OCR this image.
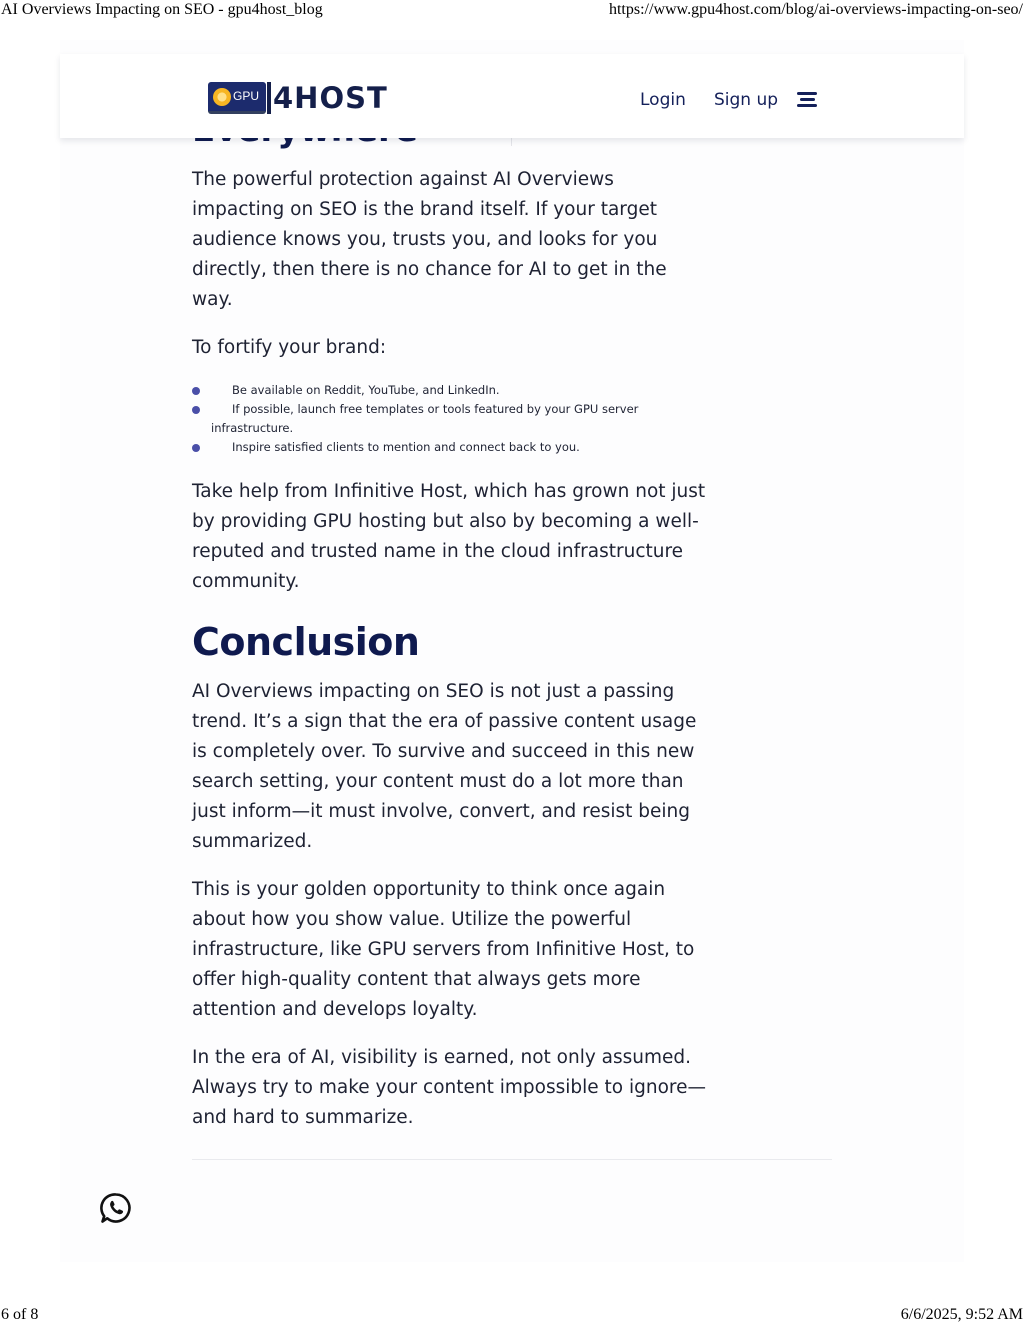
AI Overviews Impacting on SEO - gpu4host_blog	https://www.gpu4host.com/blog/ai-overviews-impacting-on-seo/
GPU 4HOST	Login Sign up

The powerful protection against AI Overviews impacting on SEO is the brand itself. If your target audience knows you, trusts you, and looks for you directly, then there is no chance for AI to get in the way.

To fortify your brand:

Be available on Reddit, YouTube, and LinkedIn.
If possible, launch free templates or tools featured by your GPU server infrastructure.
Inspire satisfied clients to mention and connect back to you.

Take help from Infinitive Host, which has grown not just by providing GPU hosting but also by becoming a well-reputed and trusted name in the cloud infrastructure community.

Conclusion

AI Overviews impacting on SEO is not just a passing trend. It’s a sign that the era of passive content usage is completely over. To survive and succeed in this new search setting, your content must do a lot more than just inform—it must involve, convert, and resist being summarized.

This is your golden opportunity to think once again about how you show value. Utilize the powerful infrastructure, like GPU servers from Infinitive Host, to offer high-quality content that always gets more attention and develops loyalty.

In the era of AI, visibility is earned, not only assumed. Always try to make your content impossible to ignore—and hard to summarize.

6 of 8	6/6/2025, 9:52 AM
